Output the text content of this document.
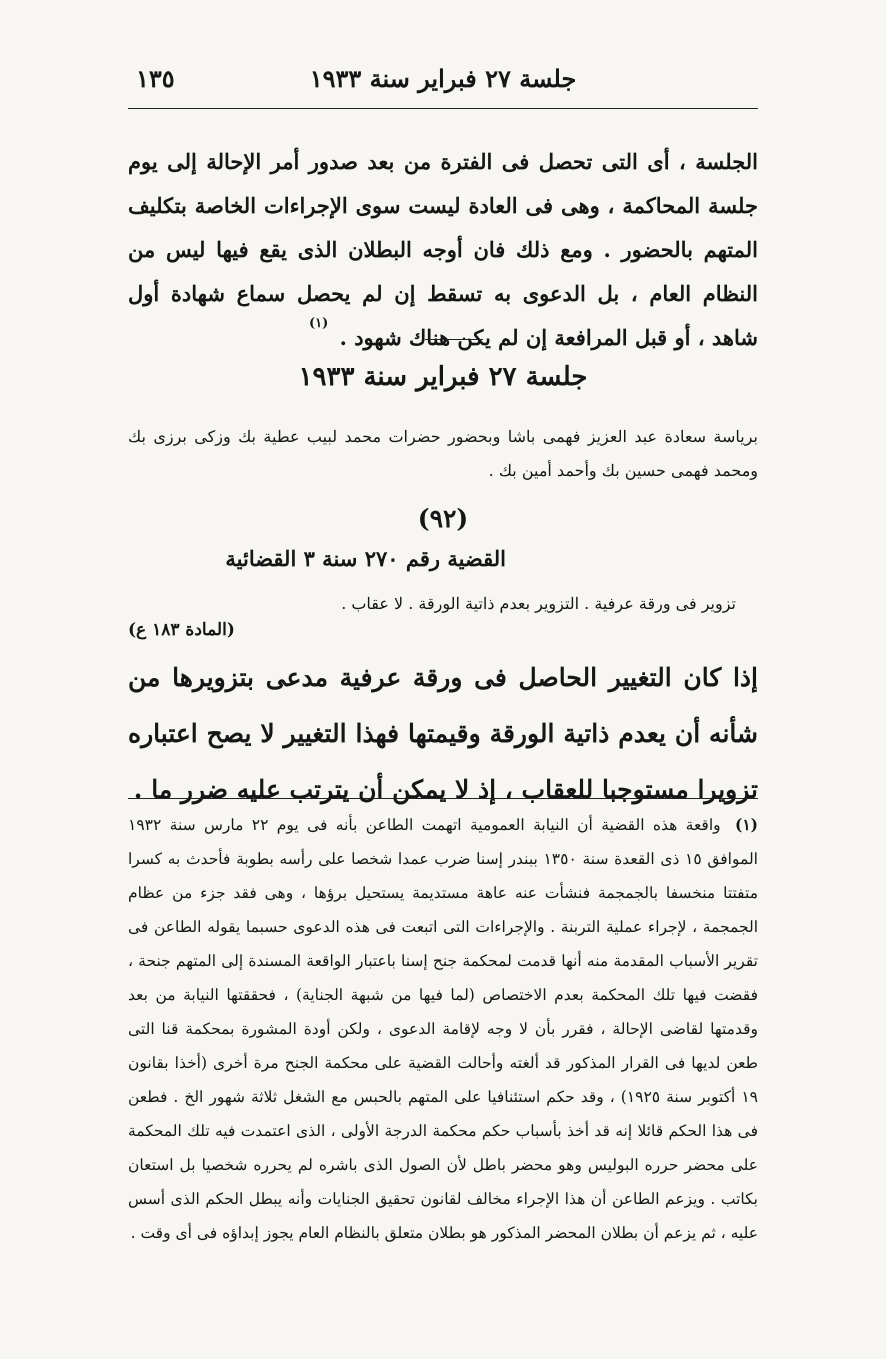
جلسة ٢٧ فبراير سنة ١٩٣٣
١٣٥
الجلسة ، أى التى تحصل فى الفترة من بعد صدور أمر الإحالة إلى يوم جلسة المحاكمة ، وهى فى العادة ليست سوى الإجراءات الخاصة بتكليف المتهم بالحضور . ومع ذلك فان أوجه البطلان الذى يقع فيها ليس من النظام العام ، بل الدعوى به تسقط إن لم يحصل سماع شهادة أول شاهد ، أو قبل المرافعة إن لم يكن هناك شهود . $^{(١)}$
جلسة ٢٧ فبراير سنة ١٩٣٣
برياسة سعادة عبد العزيز فهمى باشا وبحضور حضرات محمد لبيب عطية بك وزكى برزى بك ومحمد فهمى حسين بك وأحمد أمين بك .
(٩٢)
القضية رقم ٢٧٠ سنة ٣ القضائية
تزوير فى ورقة عرفية . التزوير بعدم ذاتية الورقة . لا عقاب .
(المادة ١٨٣ ع)
إذا كان التغيير الحاصل فى ورقة عرفية مدعى بتزويرها من شأنه أن يعدم ذاتية الورقة وقيمتها فهذا التغيير لا يصح اعتباره تزويرا مستوجبا للعقاب ، إذ لا يمكن أن يترتب عليه ضرر ما .
(١) واقعة هذه القضية أن النيابة العمومية اتهمت الطاعن بأنه فى يوم ٢٢ مارس سنة ١٩٣٢ الموافق ١٥ ذى القعدة سنة ١٣٥٠ ببندر إسنا ضرب عمدا شخصا على رأسه بطوبة فأحدث به كسرا متفتتا منخسفا بالجمجمة فنشأت عنه عاهة مستديمة يستحيل برؤها ، وهى فقد جزء من عظام الجمجمة ، لإجراء عملية التربنة . والإجراءات التى اتبعت فى هذه الدعوى حسبما يقوله الطاعن فى تقرير الأسباب المقدمة منه أنها قدمت لمحكمة جنح إسنا باعتبار الواقعة المسندة إلى المتهم جنحة ، فقضت فيها تلك المحكمة بعدم الاختصاص (لما فيها من شبهة الجناية) ، فحققتها النيابة من بعد وقدمتها لقاضى الإحالة ، فقرر بأن لا وجه لإقامة الدعوى ، ولكن أودة المشورة بمحكمة قنا التى طعن لديها فى القرار المذكور قد ألغته وأحالت القضية على محكمة الجنح مرة أخرى (أخذا بقانون ١٩ أكتوبر سنة ١٩٢٥) ، وقد حكم استئنافيا على المتهم بالحبس مع الشغل ثلاثة شهور الخ . فطعن فى هذا الحكم قائلا إنه قد أخذ بأسباب حكم محكمة الدرجة الأولى ، الذى اعتمدت فيه تلك المحكمة على محضر حرره البوليس وهو محضر باطل لأن الصول الذى باشره لم يحرره شخصيا بل استعان بكاتب . ويزعم الطاعن أن هذا الإجراء مخالف لقانون تحقيق الجنايات وأنه يبطل الحكم الذى أسس عليه ، ثم يزعم أن بطلان المحضر المذكور هو بطلان متعلق بالنظام العام يجوز إبداؤه فى أى وقت .
